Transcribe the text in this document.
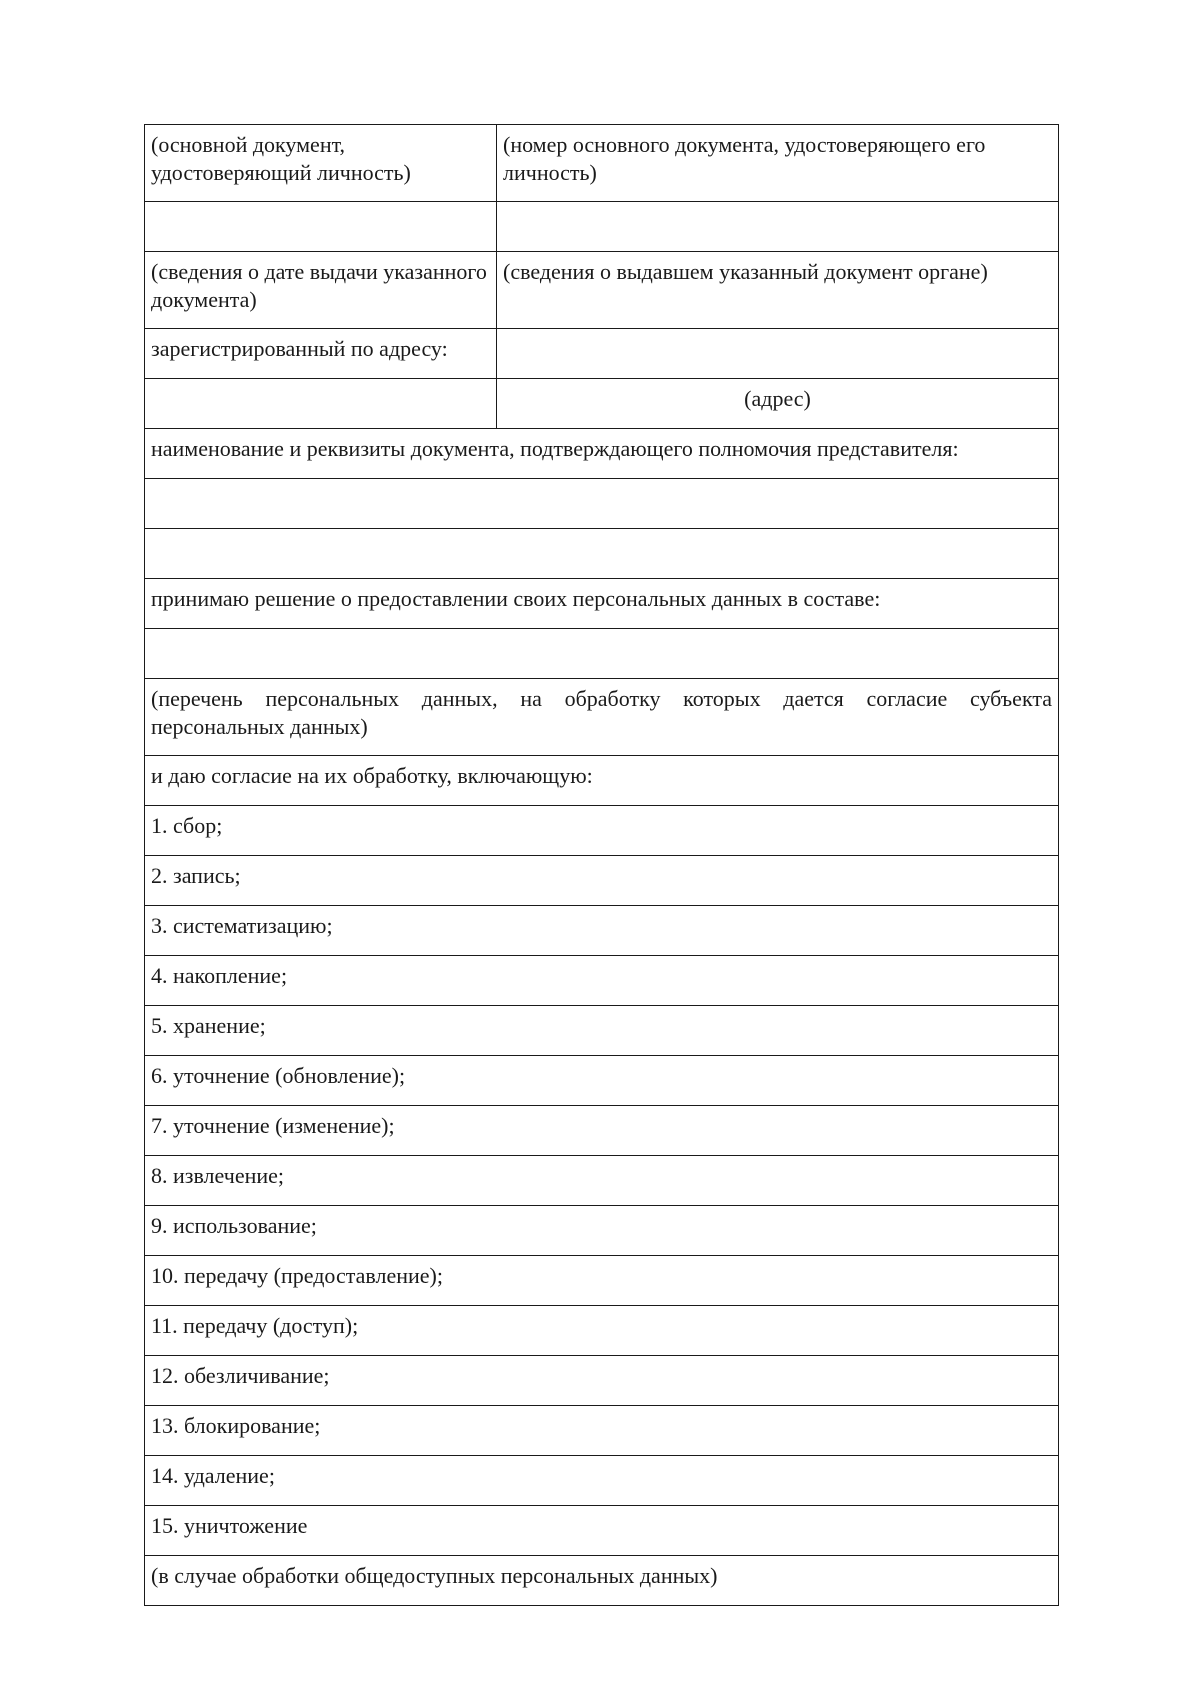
(основной документ, удостоверяющий личность)	(номер основного документа, удостоверяющего его личность)

(сведения о дате выдачи указанного документа)	(сведения о выдавшем указанный документ органе)
зарегистрированный по адресу:	
	(адрес)
наименование и реквизиты документа, подтверждающего полномочия представителя:	

принимаю решение о предоставлении своих персональных данных в составе:	

(перечень персональных данных, на обработку которых дается согласие субъекта персональных данных)	
и даю согласие на их обработку, включающую:	
1. сбор;	
2. запись;	
3. систематизацию;	
4. накопление;	
5. хранение;	
6. уточнение (обновление);	
7. уточнение (изменение);	
8. извлечение;	
9. использование;	
10. передачу (предоставление);	
11. передачу (доступ);	
12. обезличивание;	
13. блокирование;	
14. удаление;	
15. уничтожение	
(в случае обработки общедоступных персональных данных)	
